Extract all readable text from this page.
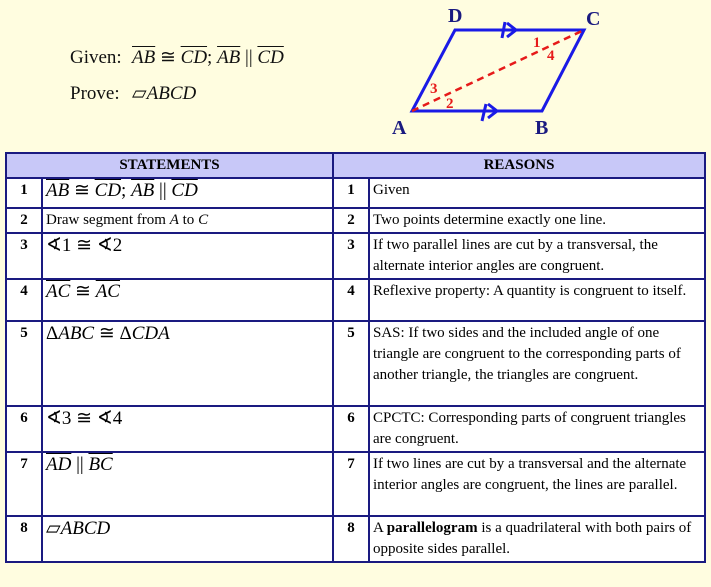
Given: $\overline{AB}$ ≅ $\overline{CD}$; $\overline{AB}$ || $\overline{CD}$
Prove: ▱ABCD
A	B
C
D
1
2
3
4
STATEMENTS		REASONS	
1	$\overline{AB}$ ≅ $\overline{CD}$; $\overline{AB}$ || $\overline{CD}$	1	Given
2	Draw segment from A to C	2	Two points determine exactly one line.
3	∢1 ≅ ∢2	3	If two parallel lines are cut by a transversal, the alternate interior angles are congruent.
4	$\overline{AC}$ ≅ $\overline{AC}$	4	Reflexive property: A quantity is congruent to itself.
5	ΔABC ≅ ΔCDA	5	SAS: If two sides and the included angle of one triangle are congruent to the corresponding parts of another triangle, the triangles are congruent.
6	∢3 ≅ ∢4	6	CPCTC: Corresponding parts of congruent triangles are congruent.
7	$\overline{AD}$ || $\overline{BC}$	7	If two lines are cut by a transversal and the alternate interior angles are congruent, the lines are parallel.
8	▱ABCD	8	A parallelogram is a quadrilateral with both pairs of opposite sides parallel.
